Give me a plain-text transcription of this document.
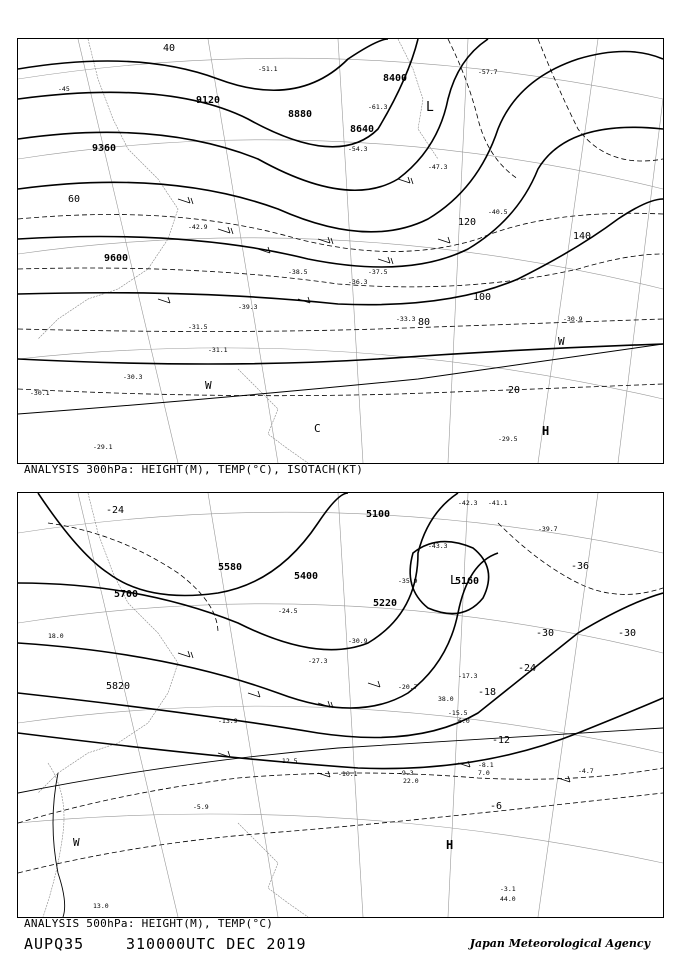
8400
8640
8880
9120
9360
9600
40
60
80
100
120
140
20
-45
-51.1
-54.3
-47.3
-42.9
-38.5
-36.3
-33.3	-30.9
-31.5
-31.1
-30.1
-30.3
-29.5
-29.1
-57.7
-61.3
-40.5
-39.3
-37.5
L
H
W
C
W
ANALYSIS 300hPa: HEIGHT(M), TEMP(°C), ISOTACH(KT)
5100
5160
5220
5400
5580
5700
5820
-36
-30	-30
-24
-24
-18
-12
-6
-43.3
-42.3 -41.1
-39.7
-35.9
-30.9
-27.3
-24.5
-20.7
-17.3
-15.5
-13.9
-12.5
-10.1	-9.3
-8.1
-5.9
-4.7
-3.1
44.0
38.0
22.0
18.0
13.0
7.0
6.0
L
H
W
ANALYSIS 500hPa: HEIGHT(M), TEMP(°C)
AUPQ35	310000UTC DEC 2019	Japan Meteorological Agency
